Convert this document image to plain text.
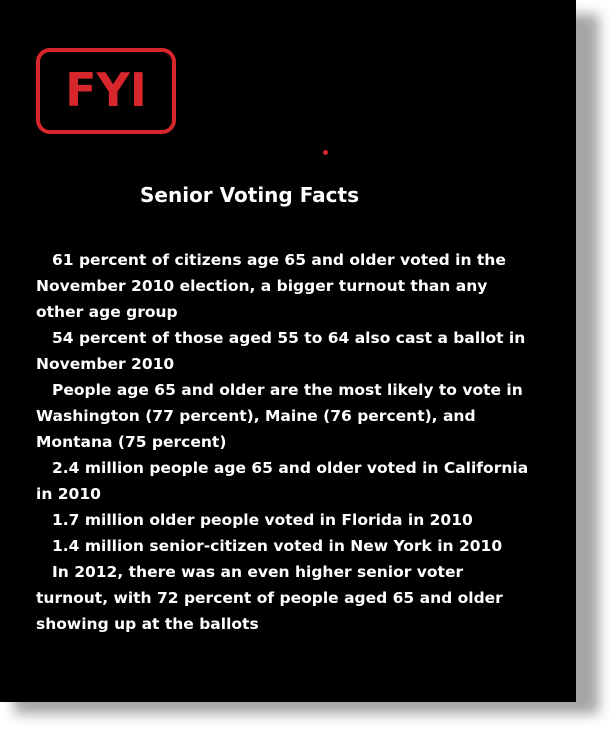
FYI
Senior Voting Facts
61 percent of citizens age 65 and older voted in the November 2010 election, a bigger turnout than any other age group
54 percent of those aged 55 to 64 also cast a ballot in November 2010
People age 65 and older are the most likely to vote in Washington (77 percent), Maine (76 percent), and Montana (75 percent)
2.4 million people age 65 and older voted in California in 2010
1.7 million older people voted in Florida in 2010
1.4 million senior-citizen voted in New York in 2010
In 2012, there was an even higher senior voter turnout, with 72 percent of people aged 65 and older showing up at the ballots
